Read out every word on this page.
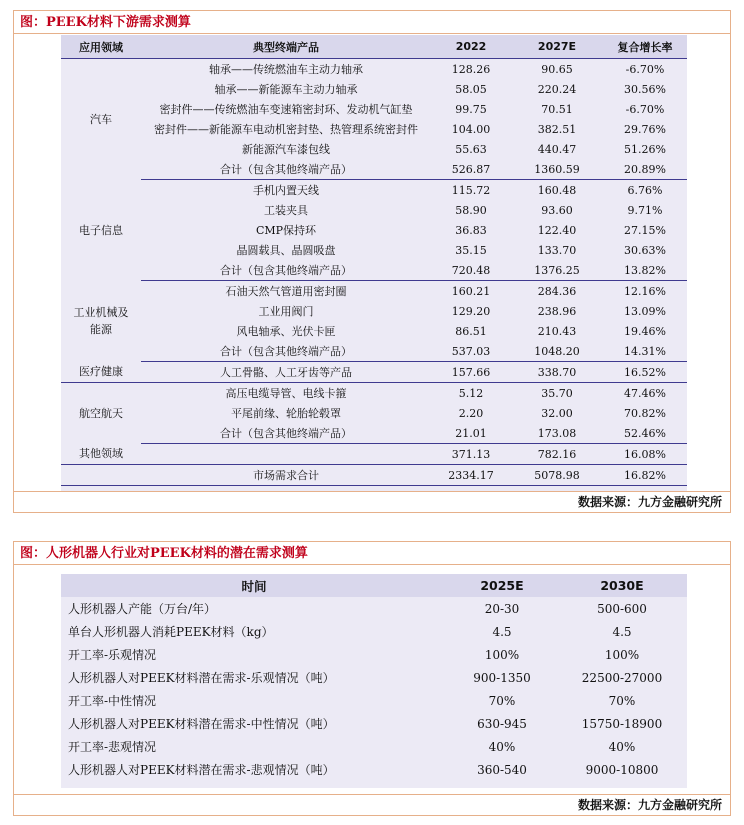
图：PEEK材料下游需求测算
应用领域	典型终端产品	2022	2027E	复合增长率
汽车	轴承——传统燃油车主动力轴承	128.26	90.65	-6.70%
	轴承——新能源车主动力轴承	58.05	220.24	30.56%
	密封件——传统燃油车变速箱密封环、发动机气缸垫	99.75	70.51	-6.70%
	密封件——新能源车电动机密封垫、热管理系统密封件	104.00	382.51	29.76%
	新能源汽车漆包线	55.63	440.47	51.26%
	合计（包含其他终端产品）	526.87	1360.59	20.89%
电子信息	手机内置天线	115.72	160.48	6.76%
	工装夹具	58.90	93.60	9.71%
	CMP保持环	36.83	122.40	27.15%
	晶圆载具、晶圆吸盘	35.15	133.70	30.63%
	合计（包含其他终端产品）	720.48	1376.25	13.82%
工业机械及能源	石油天然气管道用密封圈	160.21	284.36	12.16%
	工业用阀门	129.20	238.96	13.09%
	风电轴承、光伏卡匣	86.51	210.43	19.46%
	合计（包含其他终端产品）	537.03	1048.20	14.31%
医疗健康	人工骨骼、人工牙齿等产品	157.66	338.70	16.52%
航空航天	高压电缆导管、电线卡箍	5.12	35.70	47.46%
	平尾前缘、轮胎轮毂罩	2.20	32.00	70.82%
	合计（包含其他终端产品）	21.01	173.08	52.46%
其他领域		371.13	782.16	16.08%
	市场需求合计	2334.17	5078.98	16.82%
数据来源：九方金融研究所
图：人形机器人行业对PEEK材料的潜在需求测算
时间	2025E	2030E
人形机器人产能（万台/年）	20-30	500-600
单台人形机器人消耗PEEK材料（kg）	4.5	4.5
开工率-乐观情况	100%	100%
人形机器人对PEEK材料潜在需求-乐观情况（吨）	900-1350	22500-27000
开工率-中性情况	70%	70%
人形机器人对PEEK材料潜在需求-中性情况（吨）	630-945	15750-18900
开工率-悲观情况	40%	40%
人形机器人对PEEK材料潜在需求-悲观情况（吨）	360-540	9000-10800
数据来源：九方金融研究所
